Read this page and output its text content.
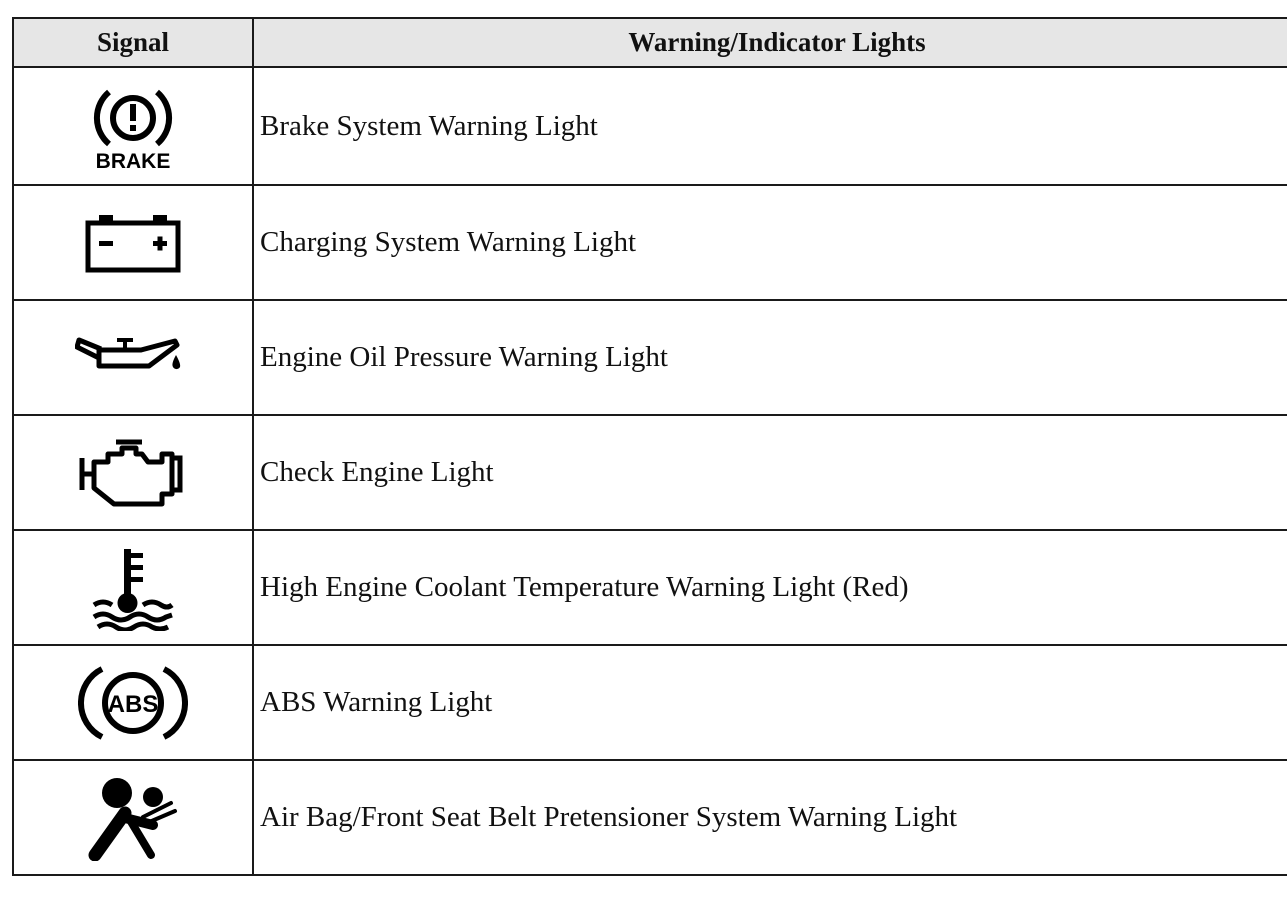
Signal	Warning/Indicator Lights

BRAKE	Brake System Warning Light

	Charging System Warning Light

	Engine Oil Pressure Warning Light

	Check Engine Light

	High Engine Coolant Temperature Warning Light (Red)

ABS	ABS Warning Light

	Air Bag/Front Seat Belt Pretensioner System Warning Light
